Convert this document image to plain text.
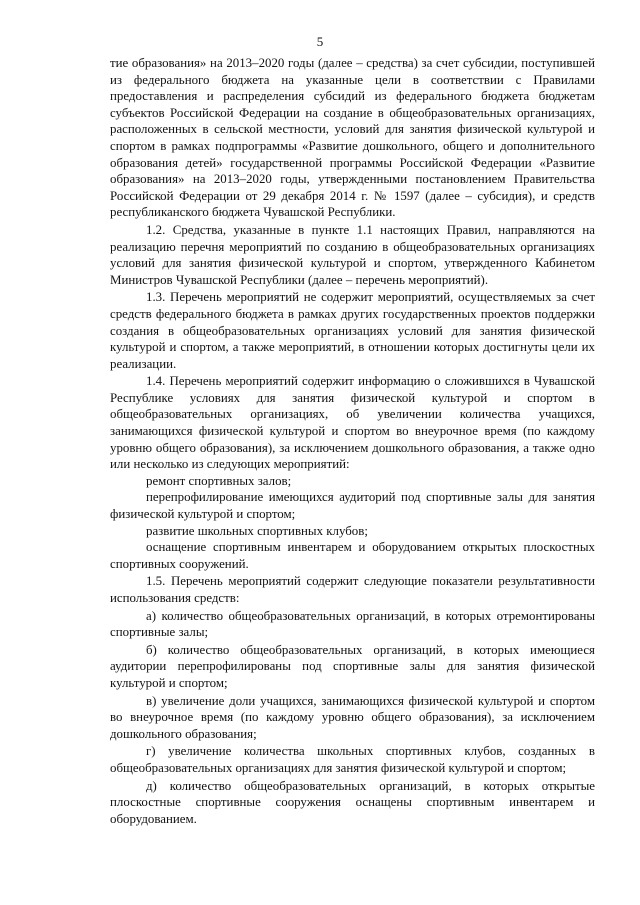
5

тие образования» на 2013–2020 годы (далее – средства) за счет субсидии, поступившей из федерального бюджета на указанные цели в соответствии с Правилами предоставления и распределения субсидий из федерального бюджета бюджетам субъектов Российской Федерации на создание в общеобразовательных организациях, расположенных в сельской местности, условий для занятия физической культурой и спортом в рамках подпрограммы «Развитие дошкольного, общего и дополнительного образования детей» государственной программы Российской Федерации «Развитие образования» на 2013–2020 годы, утвержденными постановлением Правительства Российской Федерации от 29 декабря 2014 г. № 1597 (далее – субсидия), и средств республиканского бюджета Чувашской Республики.

1.2. Средства, указанные в пункте 1.1 настоящих Правил, направляются на реализацию перечня мероприятий по созданию в общеобразовательных организациях условий для занятия физической культурой и спортом, утвержденного Кабинетом Министров Чувашской Республики (далее – перечень мероприятий).

1.3. Перечень мероприятий не содержит мероприятий, осуществляемых за счет средств федерального бюджета в рамках других государственных проектов поддержки создания в общеобразовательных организациях условий для занятия физической культурой и спортом, а также мероприятий, в отношении которых достигнуты цели их реализации.

1.4. Перечень мероприятий содержит информацию о сложившихся в Чувашской Республике условиях для занятия физической культурой и спортом в общеобразовательных организациях, об увеличении количества учащихся, занимающихся физической культурой и спортом во внеурочное время (по каждому уровню общего образования), за исключением дошкольного образования, а также одно или несколько из следующих мероприятий:

ремонт спортивных залов;

перепрофилирование имеющихся аудиторий под спортивные залы для занятия физической культурой и спортом;

развитие школьных спортивных клубов;

оснащение спортивным инвентарем и оборудованием открытых плоскостных спортивных сооружений.

1.5. Перечень мероприятий содержит следующие показатели результативности использования средств:

а) количество общеобразовательных организаций, в которых отремонтированы спортивные залы;

б) количество общеобразовательных организаций, в которых имеющиеся аудитории перепрофилированы под спортивные залы для занятия физической культурой и спортом;

в) увеличение доли учащихся, занимающихся физической культурой и спортом во внеурочное время (по каждому уровню общего образования), за исключением дошкольного образования;

г) увеличение количества школьных спортивных клубов, созданных в общеобразовательных организациях для занятия физической культурой и спортом;

д) количество общеобразовательных организаций, в которых открытые плоскостные спортивные сооружения оснащены спортивным инвентарем и оборудованием.
